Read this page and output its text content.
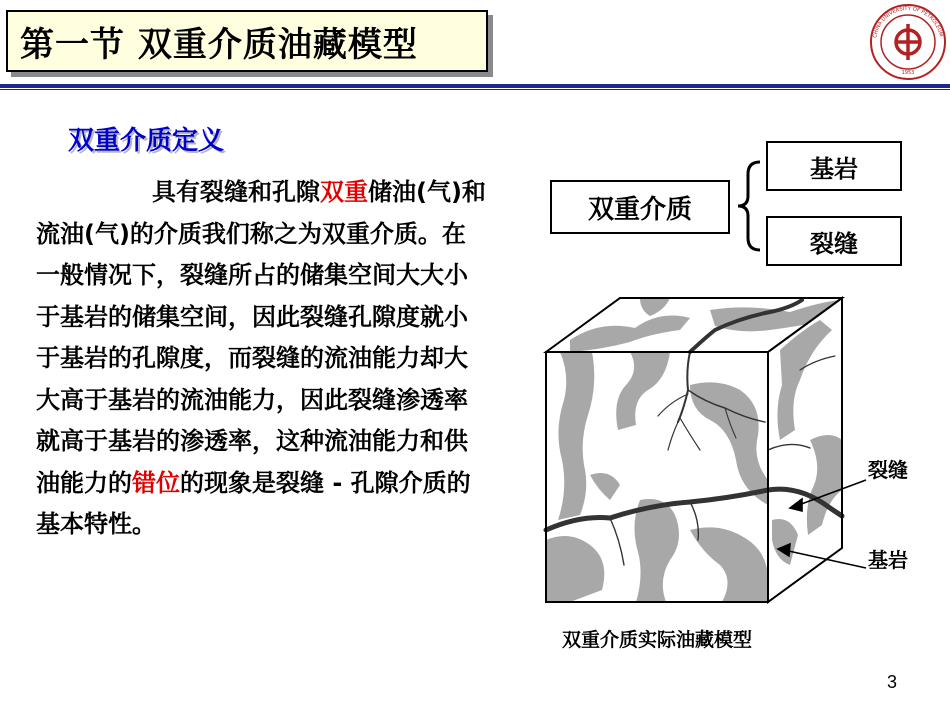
第一节 双重介质油藏模型	CHINA UNIVERSITY OF PETROLEUM
1953
双重介质定义
具有裂缝和孔隙双重储油(气)和流油(气)的介质我们称之为双重介质。在一般情况下，裂缝所占的储集空间大大小于基岩的储集空间，因此裂缝孔隙度就小于基岩的孔隙度，而裂缝的流油能力却大大高于基岩的流油能力，因此裂缝渗透率就高于基岩的渗透率，这种流油能力和供油能力的错位的现象是裂缝 - 孔隙介质的基本特性。
双重介质
基岩
裂缝
裂缝
基岩
双重介质实际油藏模型
3
